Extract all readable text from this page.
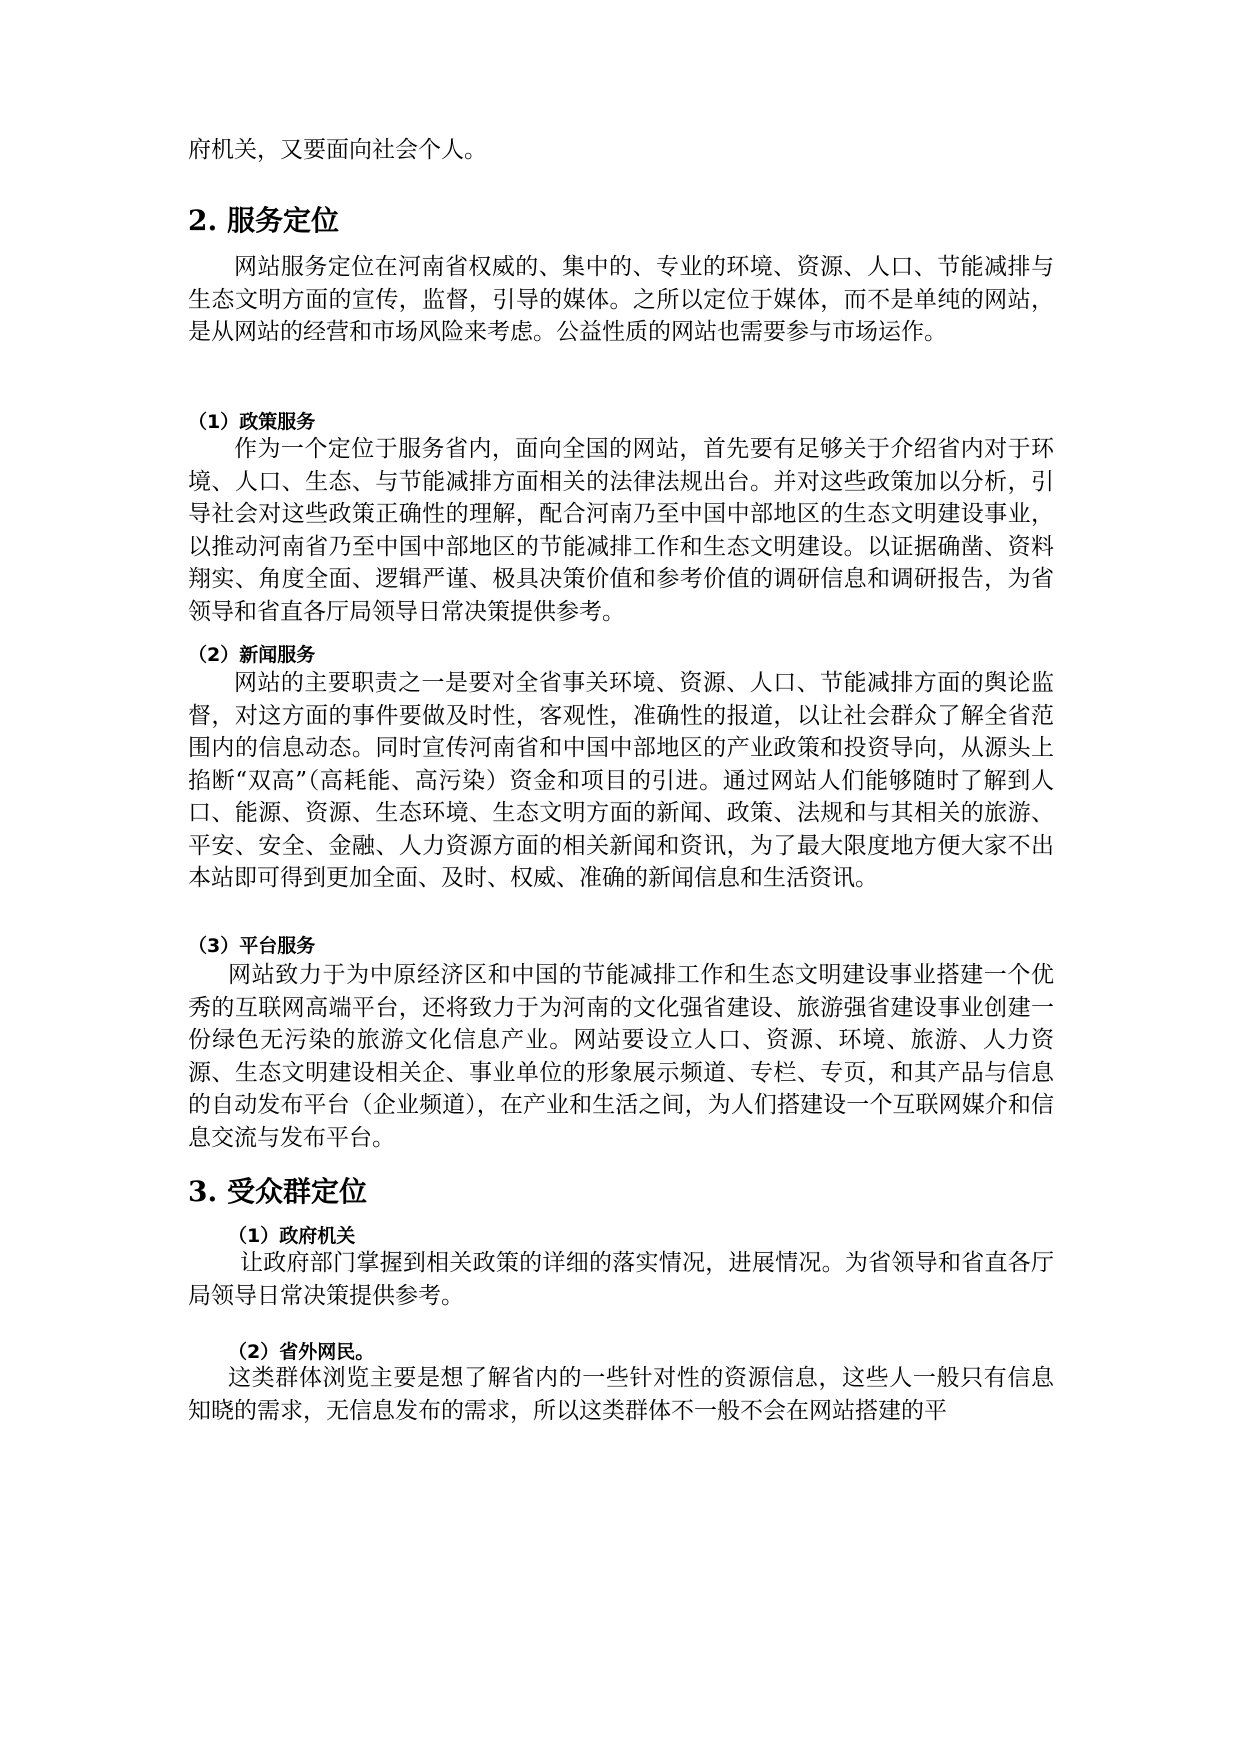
府机关，又要面向社会个人。
2. 服务定位
网站服务定位在河南省权威的、集中的、专业的环境、资源、人口、节能减排与生态文明方面的宣传，监督，引导的媒体。之所以定位于媒体，而不是单纯的网站，是从网站的经营和市场风险来考虑。公益性质的网站也需要参与市场运作。
（1）政策服务
作为一个定位于服务省内，面向全国的网站，首先要有足够关于介绍省内对于环境、人口、生态、与节能减排方面相关的法律法规出台。并对这些政策加以分析，引导社会对这些政策正确性的理解，配合河南乃至中国中部地区的生态文明建设事业，以推动河南省乃至中国中部地区的节能减排工作和生态文明建设。以证据确凿、资料翔实、角度全面、逻辑严谨、极具决策价值和参考价值的调研信息和调研报告，为省领导和省直各厅局领导日常决策提供参考。
（2）新闻服务
网站的主要职责之一是要对全省事关环境、资源、人口、节能减排方面的舆论监督，对这方面的事件要做及时性，客观性，准确性的报道，以让社会群众了解全省范围内的信息动态。同时宣传河南省和中国中部地区的产业政策和投资导向，从源头上掐断“双高”（高耗能、高污染）资金和项目的引进。通过网站人们能够随时了解到人口、能源、资源、生态环境、生态文明方面的新闻、政策、法规和与其相关的旅游、平安、安全、金融、人力资源方面的相关新闻和资讯，为了最大限度地方便大家不出本站即可得到更加全面、及时、权威、准确的新闻信息和生活资讯。
（3）平台服务
网站致力于为中原经济区和中国的节能减排工作和生态文明建设事业搭建一个优秀的互联网高端平台，还将致力于为河南的文化强省建设、旅游强省建设事业创建一份绿色无污染的旅游文化信息产业。网站要设立人口、资源、环境、旅游、人力资源、生态文明建设相关企、事业单位的形象展示频道、专栏、专页，和其产品与信息的自动发布平台（企业频道），在产业和生活之间，为人们搭建设一个互联网媒介和信息交流与发布平台。
3. 受众群定位
（1）政府机关
让政府部门掌握到相关政策的详细的落实情况，进展情况。为省领导和省直各厅局领导日常决策提供参考。
（2）省外网民。
这类群体浏览主要是想了解省内的一些针对性的资源信息，这些人一般只有信息知晓的需求，无信息发布的需求，所以这类群体不一般不会在网站搭建的平
